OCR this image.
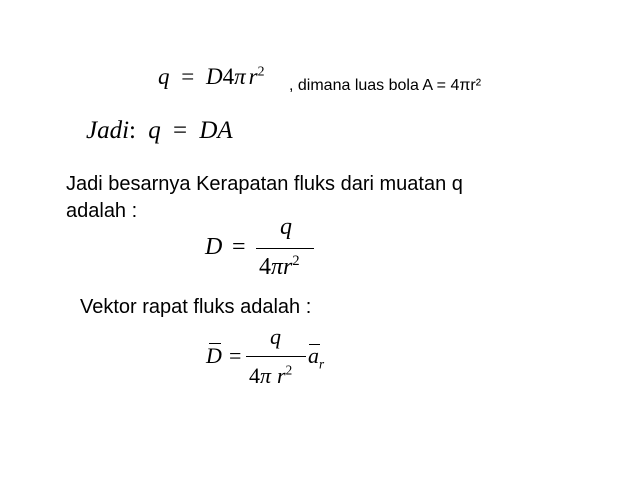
q = D4π $r^2$
, dimana luas bola A = 4πr²
Jadi: q = DA
Jadi besarnya Kerapatan fluks dari muatan q
adalah :
D =
q
$4\pi r^2$
Vektor rapat fluks adalah :
D =
q
4π $r^2$
$a_r$
